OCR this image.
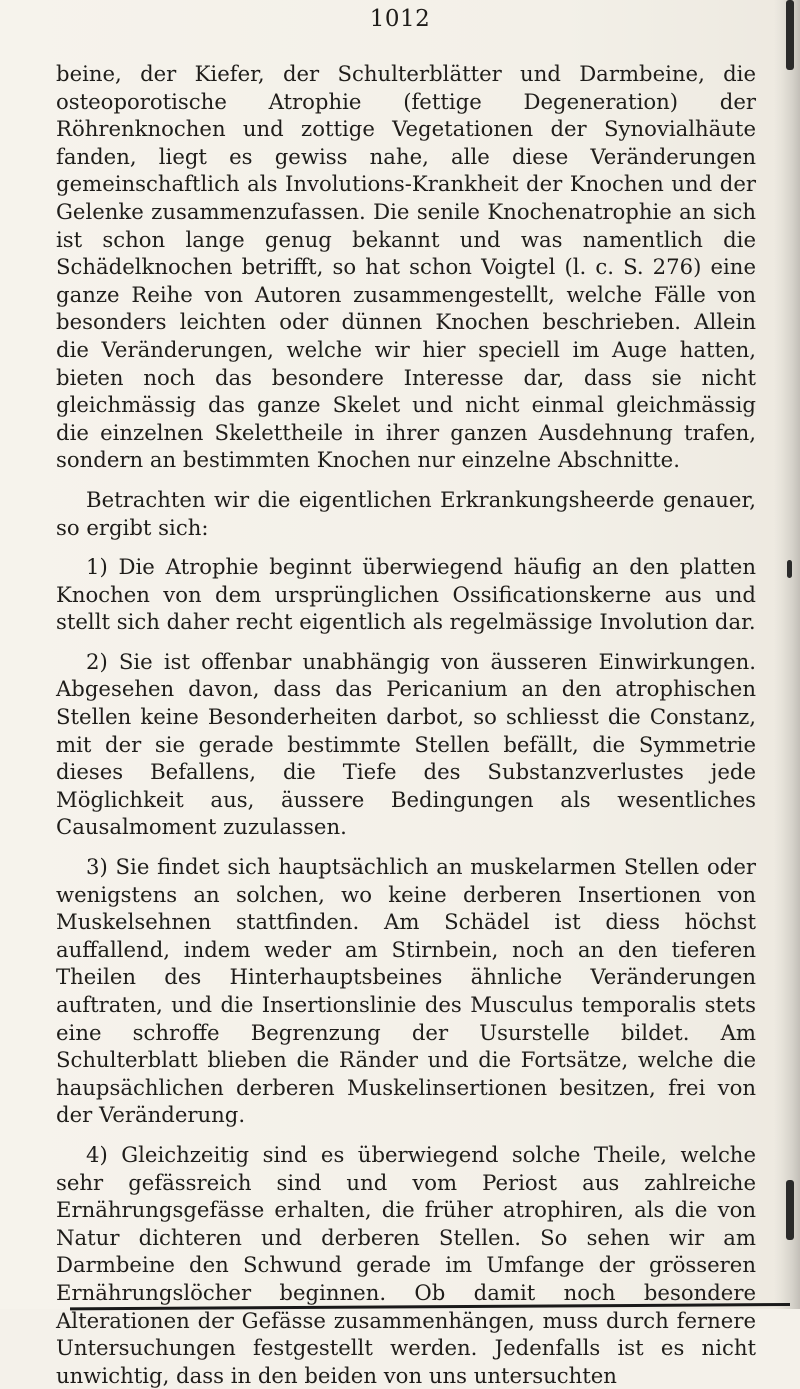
1012

beine, der Kiefer, der Schulterblätter und Darmbeine, die osteoporotische Atrophie (fettige Degeneration) der Röhrenknochen und zottige Vegetationen der Synovialhäute fanden, liegt es gewiss nahe, alle diese Veränderungen gemeinschaftlich als Involutions-Krankheit der Knochen und der Gelenke zusammenzufassen. Die senile Knochenatrophie an sich ist schon lange genug bekannt und was namentlich die Schädelknochen betrifft, so hat schon Voigtel (l. c. S. 276) eine ganze Reihe von Autoren zusammengestellt, welche Fälle von besonders leichten oder dünnen Knochen beschrieben. Allein die Veränderungen, welche wir hier speciell im Auge hatten, bieten noch das besondere Interesse dar, dass sie nicht gleichmässig das ganze Skelet und nicht einmal gleichmässig die einzelnen Skelettheile in ihrer ganzen Ausdehnung trafen, sondern an bestimmten Knochen nur einzelne Abschnitte.

Betrachten wir die eigentlichen Erkrankungsheerde genauer, so ergibt sich:

1) Die Atrophie beginnt überwiegend häufig an den platten Knochen von dem ursprünglichen Ossificationskerne aus und stellt sich daher recht eigentlich als regelmässige Involution dar.

2) Sie ist offenbar unabhängig von äusseren Einwirkungen. Abgesehen davon, dass das Pericanium an den atrophischen Stellen keine Besonderheiten darbot, so schliesst die Constanz, mit der sie gerade bestimmte Stellen befällt, die Symmetrie dieses Befallens, die Tiefe des Substanzverlustes jede Möglichkeit aus, äussere Bedingungen als wesentliches Causalmoment zuzulassen.

3) Sie findet sich hauptsächlich an muskelarmen Stellen oder wenigstens an solchen, wo keine derberen Insertionen von Muskelsehnen stattfinden. Am Schädel ist diess höchst auffallend, indem weder am Stirnbein, noch an den tieferen Theilen des Hinterhauptsbeines ähnliche Veränderungen auftraten, und die Insertionslinie des Musculus temporalis stets eine schroffe Begrenzung der Usurstelle bildet. Am Schulterblatt blieben die Ränder und die Fortsätze, welche die haupsächlichen derberen Muskelinsertionen besitzen, frei von der Veränderung.

4) Gleichzeitig sind es überwiegend solche Theile, welche sehr gefässreich sind und vom Periost aus zahlreiche Ernährungsgefässe erhalten, die früher atrophiren, als die von Natur dichteren und derberen Stellen. So sehen wir am Darmbeine den Schwund gerade im Umfange der grösseren Ernährungslöcher beginnen. Ob damit noch besondere Alterationen der Gefässe zusammenhängen, muss durch fernere Untersuchungen festgestellt werden. Jedenfalls ist es nicht unwichtig, dass in den beiden von uns untersuchten
